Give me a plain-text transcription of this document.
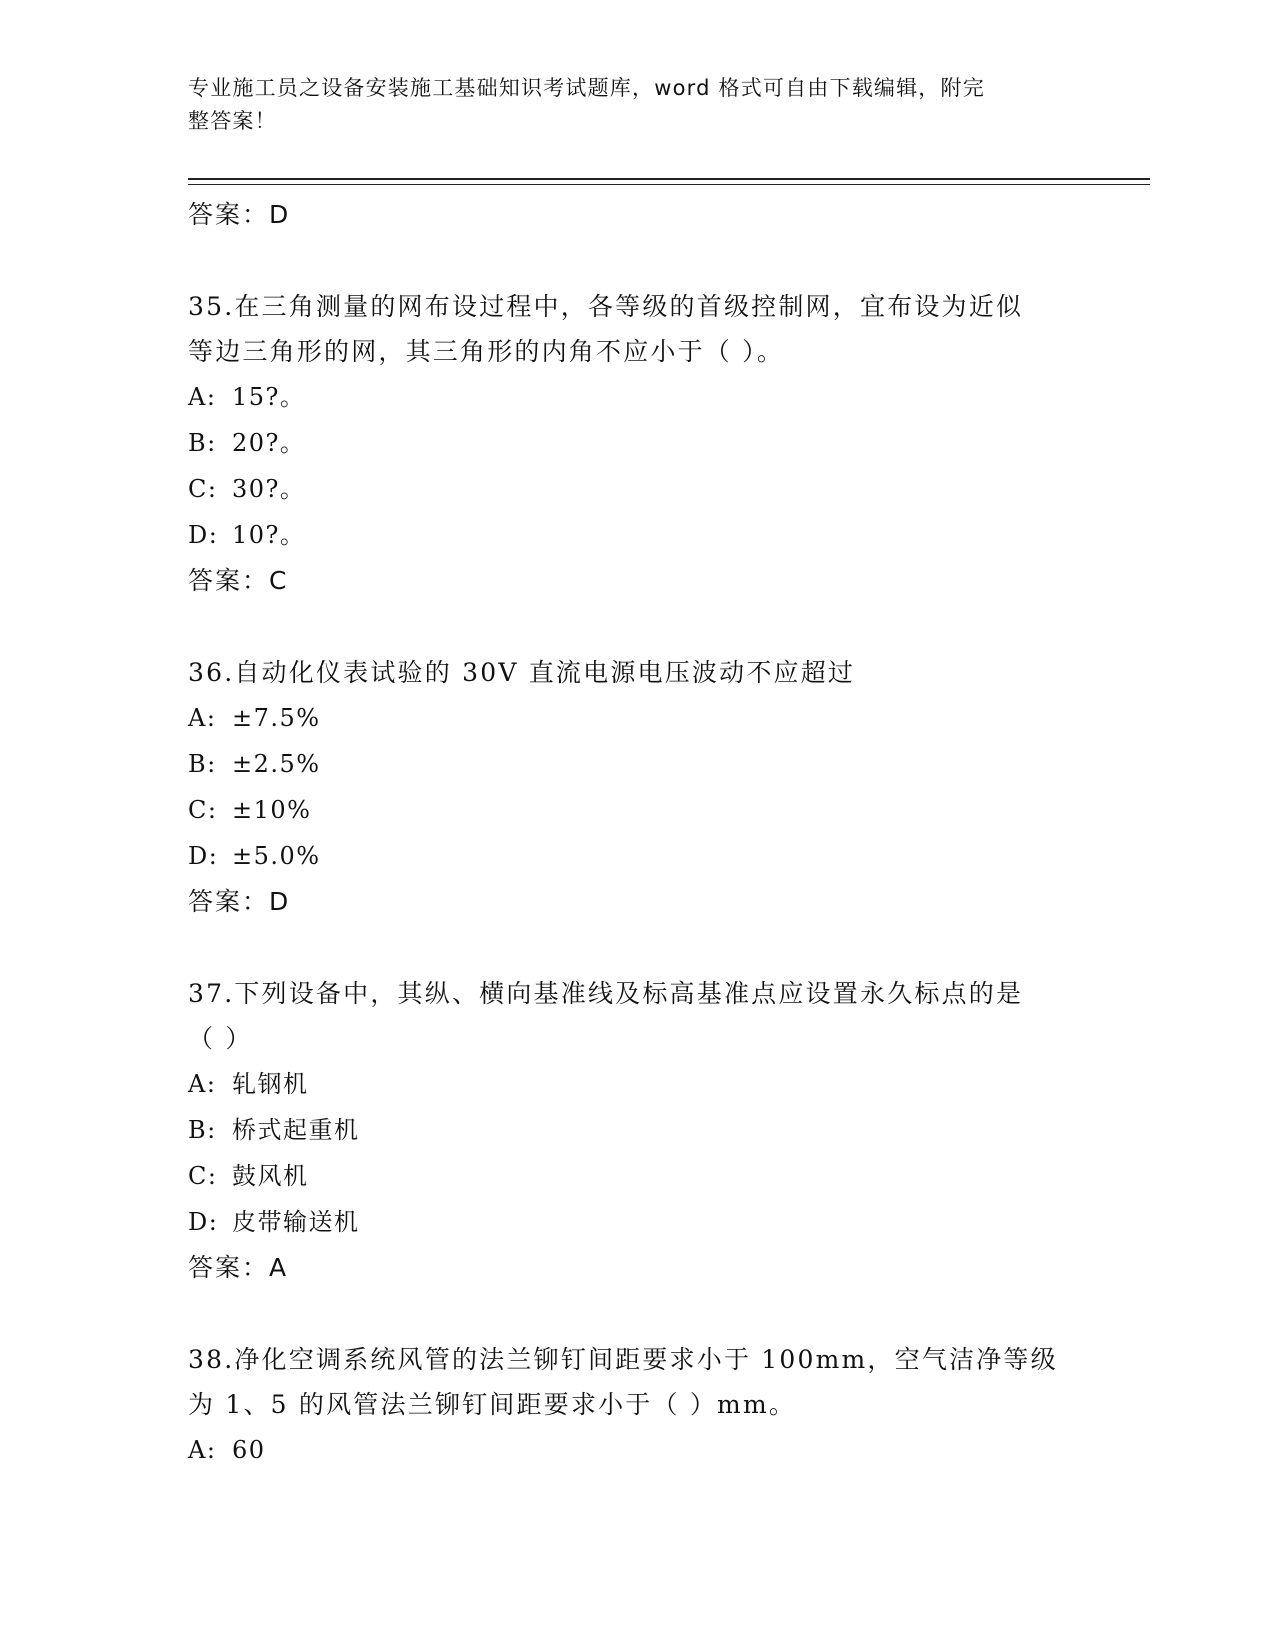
专业施工员之设备安装施工基础知识考试题库，word 格式可自由下载编辑，附完
整答案！
答案：D
35.在三角测量的网布设过程中，各等级的首级控制网，宜布设为近似
等边三角形的网，其三角形的内角不应小于（ ）。
A: 15?。
B: 20?。
C: 30?。
D: 10?。
答案：C
36.自动化仪表试验的 30V 直流电源电压波动不应超过
A: ±7.5%
B: ±2.5%
C: ±10%
D: ±5.0%
答案：D
37.下列设备中，其纵、横向基准线及标高基准点应设置永久标点的是
（ ）
A: 轧钢机
B: 桥式起重机
C: 鼓风机
D: 皮带输送机
答案：A
38.净化空调系统风管的法兰铆钉间距要求小于 100mm，空气洁净等级
为 1、5 的风管法兰铆钉间距要求小于（ ）mm。
A: 60
